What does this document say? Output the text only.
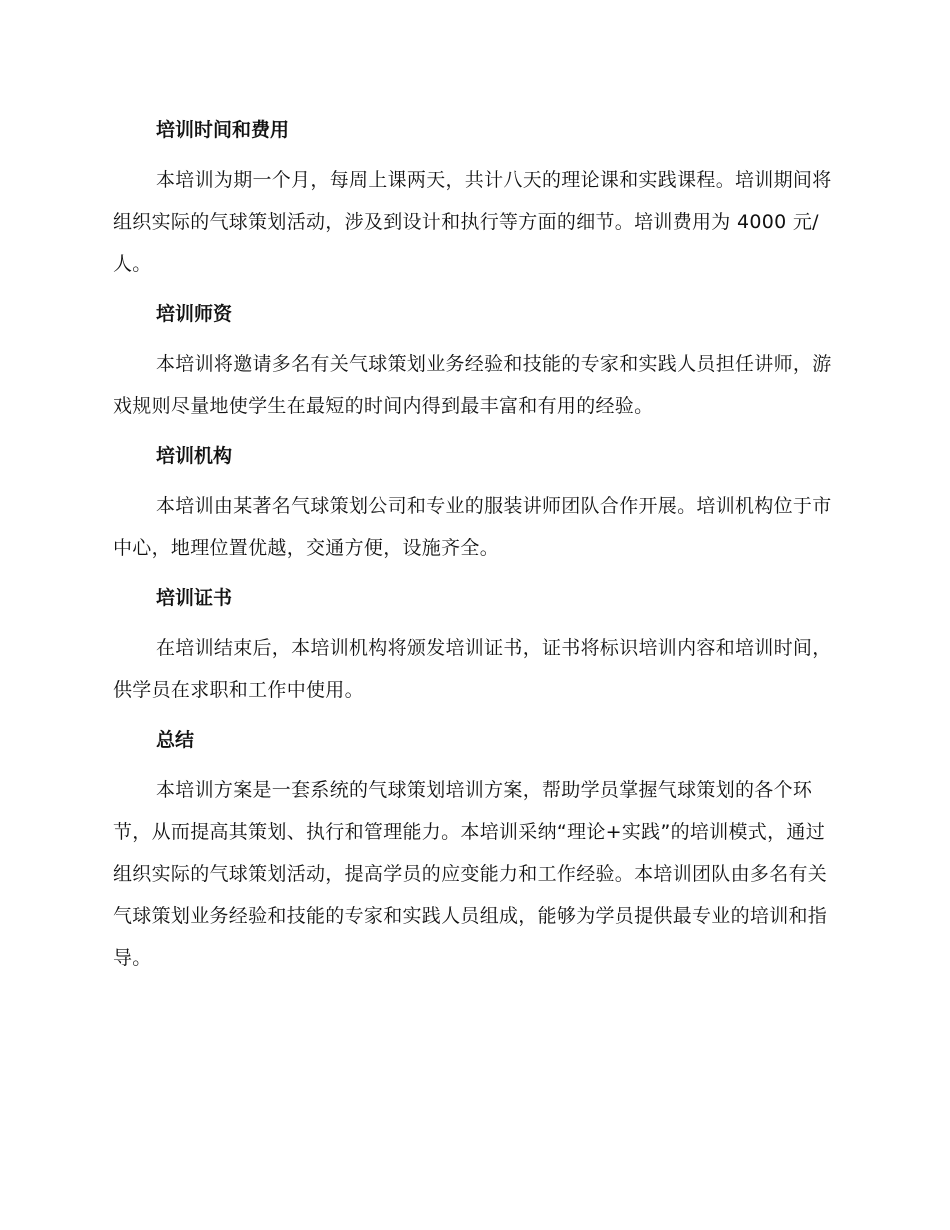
培训时间和费用
本培训为期一个月，每周上课两天，共计八天的理论课和实践课程。培训期间将组织实际的气球策划活动，涉及到设计和执行等方面的细节。培训费用为 4000 元/人。
培训师资
本培训将邀请多名有关气球策划业务经验和技能的专家和实践人员担任讲师，游戏规则尽量地使学生在最短的时间内得到最丰富和有用的经验。
培训机构
本培训由某著名气球策划公司和专业的服装讲师团队合作开展。培训机构位于市中心，地理位置优越，交通方便，设施齐全。
培训证书
在培训结束后，本培训机构将颁发培训证书，证书将标识培训内容和培训时间，供学员在求职和工作中使用。
总结
本培训方案是一套系统的气球策划培训方案，帮助学员掌握气球策划的各个环节，从而提高其策划、执行和管理能力。本培训采纳“理论+实践”的培训模式，通过组织实际的气球策划活动，提高学员的应变能力和工作经验。本培训团队由多名有关气球策划业务经验和技能的专家和实践人员组成，能够为学员提供最专业的培训和指导。
